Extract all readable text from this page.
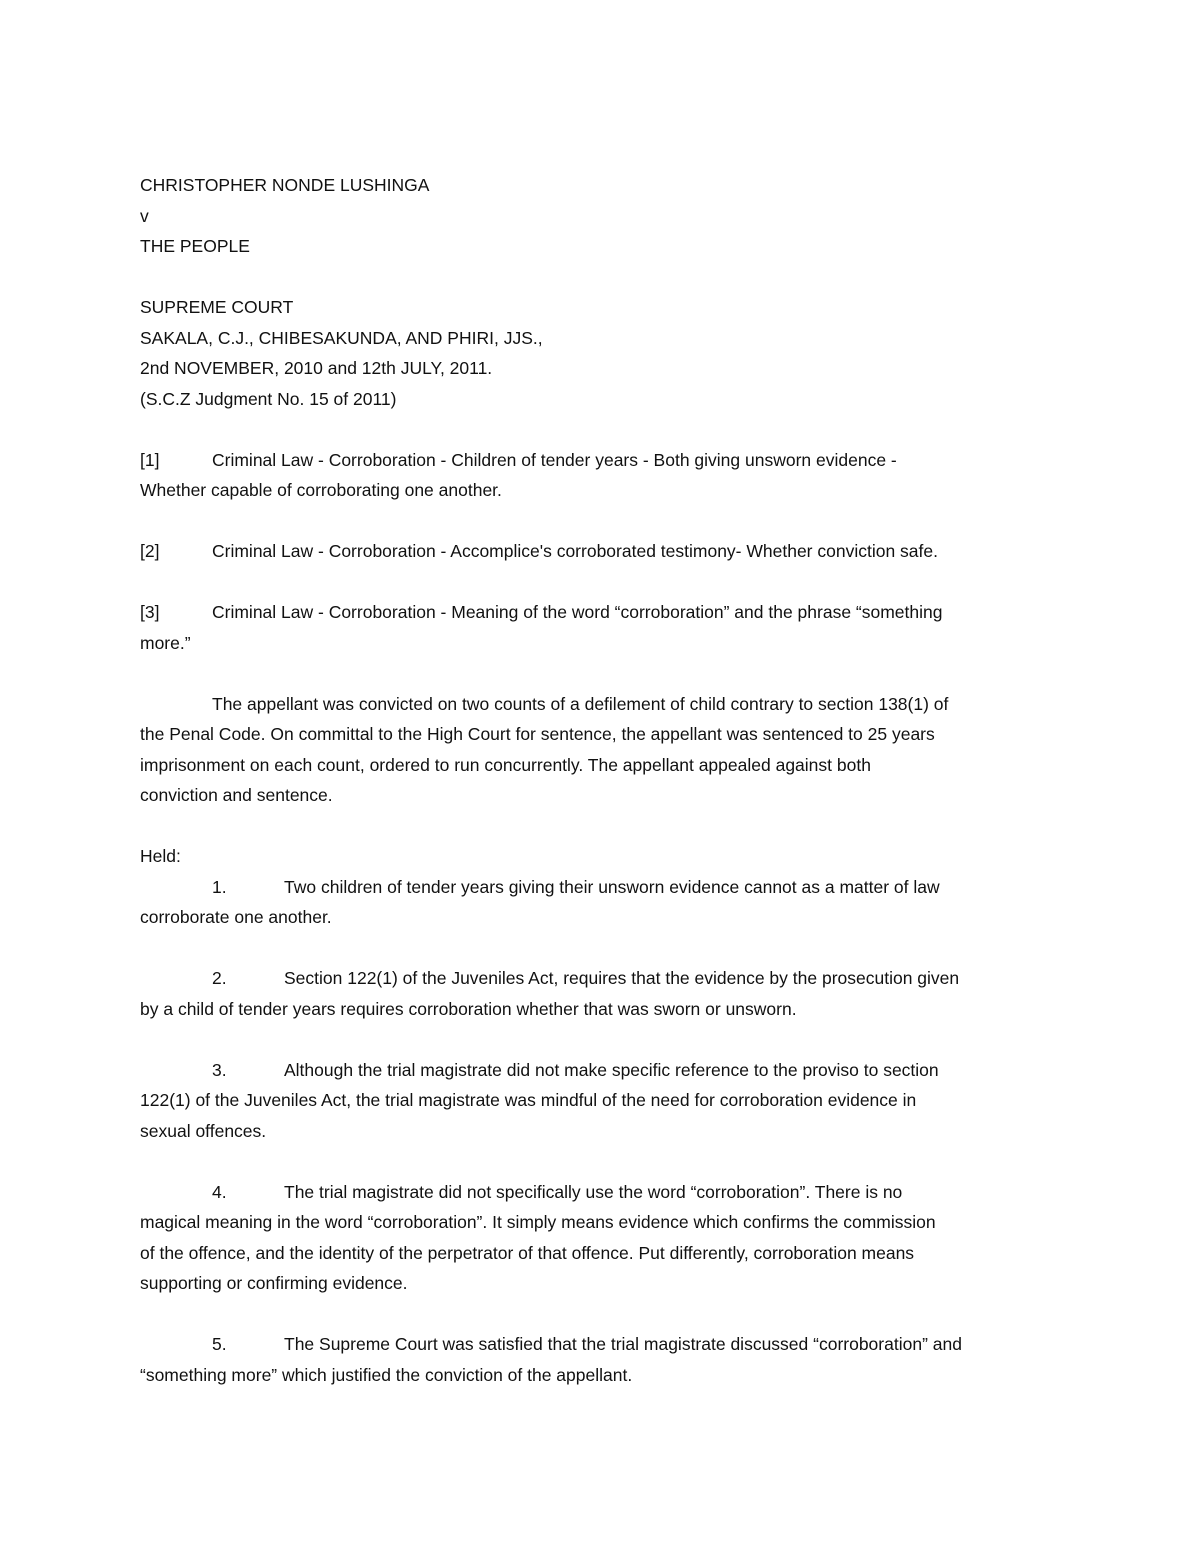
CHRISTOPHER NONDE LUSHINGA

v

THE PEOPLE

SUPREME COURT

SAKALA, C.J., CHIBESAKUNDA, AND PHIRI, JJS.,

2nd NOVEMBER, 2010 and 12th JULY, 2011.

(S.C.Z Judgment No. 15 of 2011)

[1]	Criminal Law - Corroboration - Children of tender years - Both giving unsworn evidence -

Whether capable of corroborating one another.

[2]	Criminal Law - Corroboration - Accomplice's corroborated testimony- Whether conviction safe.

[3]	Criminal Law - Corroboration - Meaning of the word “corroboration” and the phrase “something

more.”

The appellant was convicted on two counts of a defilement of child contrary to section 138(1) of

the Penal Code. On committal to the High Court for sentence, the appellant was sentenced to 25 years

imprisonment on each count, ordered to run concurrently. The appellant appealed against both

conviction and sentence.

Held:

1.	Two children of tender years giving their unsworn evidence cannot as a matter of law

corroborate one another.

2.	Section 122(1) of the Juveniles Act, requires that the evidence by the prosecution given

by a child of tender years requires corroboration whether that was sworn or unsworn.

3.	Although the trial magistrate did not make specific reference to the proviso to section

122(1) of the Juveniles Act, the trial magistrate was mindful of the need for corroboration evidence in

sexual offences.

4.	The trial magistrate did not specifically use the word “corroboration”. There is no

magical meaning in the word “corroboration”. It simply means evidence which confirms the commission

of the offence, and the identity of the perpetrator of that offence. Put differently, corroboration means

supporting or confirming evidence.

5.	The Supreme Court was satisfied that the trial magistrate discussed “corroboration” and

“something more” which justified the conviction of the appellant.
